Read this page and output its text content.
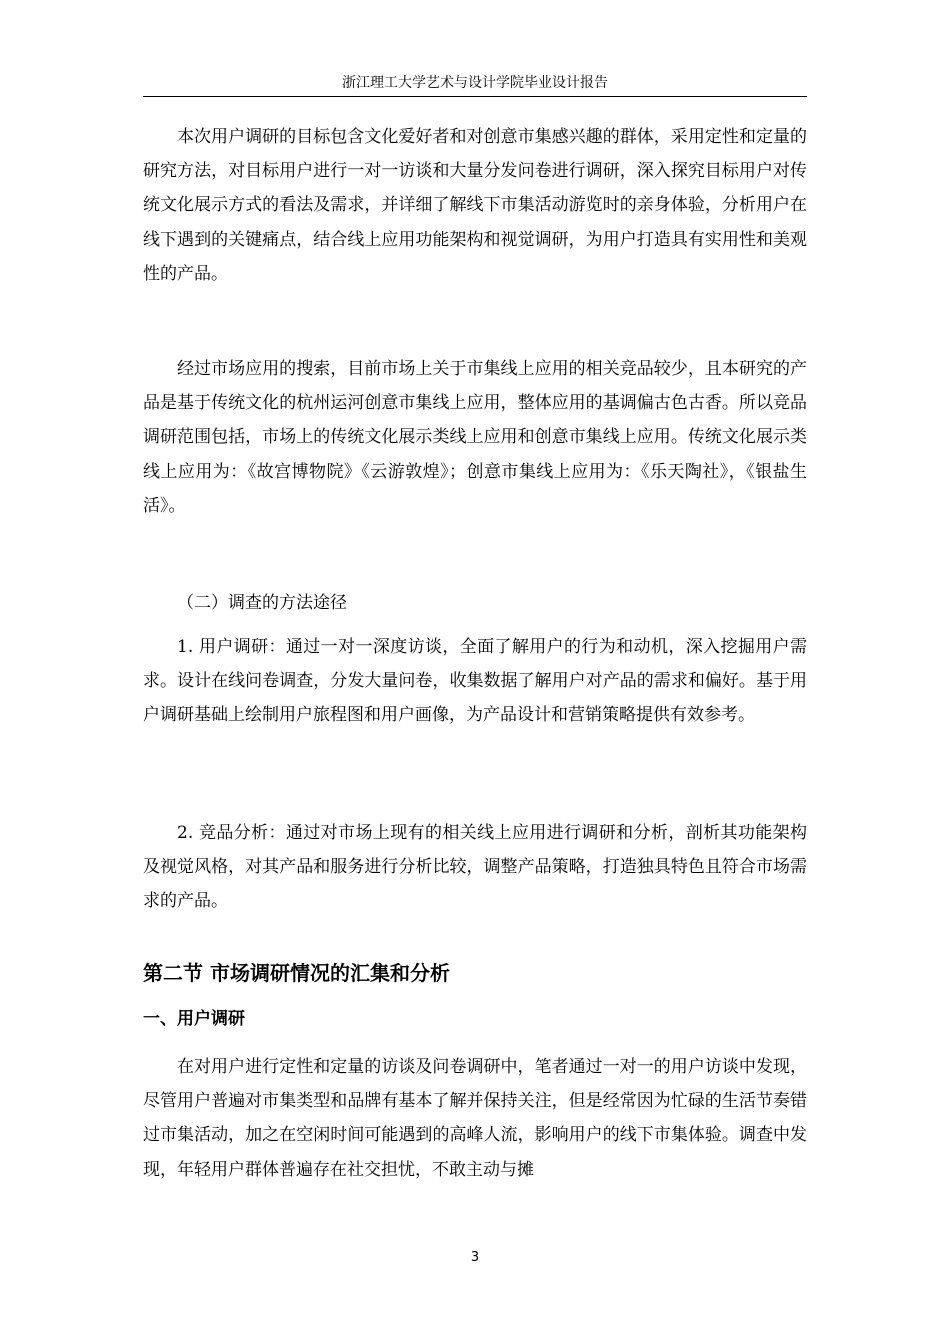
浙江理工大学艺术与设计学院毕业设计报告

本次用户调研的目标包含文化爱好者和对创意市集感兴趣的群体，采用定性和定量的研究方法，对目标用户进行一对一访谈和大量分发问卷进行调研，深入探究目标用户对传统文化展示方式的看法及需求，并详细了解线下市集活动游览时的亲身体验，分析用户在线下遇到的关键痛点，结合线上应用功能架构和视觉调研，为用户打造具有实用性和美观性的产品。

经过市场应用的搜索，目前市场上关于市集线上应用的相关竞品较少，且本研究的产品是基于传统文化的杭州运河创意市集线上应用，整体应用的基调偏古色古香。所以竞品调研范围包括，市场上的传统文化展示类线上应用和创意市集线上应用。传统文化展示类线上应用为：《故宫博物院》《云游敦煌》；创意市集线上应用为：《乐天陶社》，《银盐生活》。

（二）调查的方法途径

1. 用户调研：通过一对一深度访谈，全面了解用户的行为和动机，深入挖掘用户需求。设计在线问卷调查，分发大量问卷，收集数据了解用户对产品的需求和偏好。基于用户调研基础上绘制用户旅程图和用户画像，为产品设计和营销策略提供有效参考。

2. 竞品分析：通过对市场上现有的相关线上应用进行调研和分析，剖析其功能架构及视觉风格，对其产品和服务进行分析比较，调整产品策略，打造独具特色且符合市场需求的产品。

第二节 市场调研情况的汇集和分析
一、用户调研

在对用户进行定性和定量的访谈及问卷调研中，笔者通过一对一的用户访谈中发现，尽管用户普遍对市集类型和品牌有基本了解并保持关注，但是经常因为忙碌的生活节奏错过市集活动，加之在空闲时间可能遇到的高峰人流，影响用户的线下市集体验。调查中发现，年轻用户群体普遍存在社交担忧，不敢主动与摊

3
